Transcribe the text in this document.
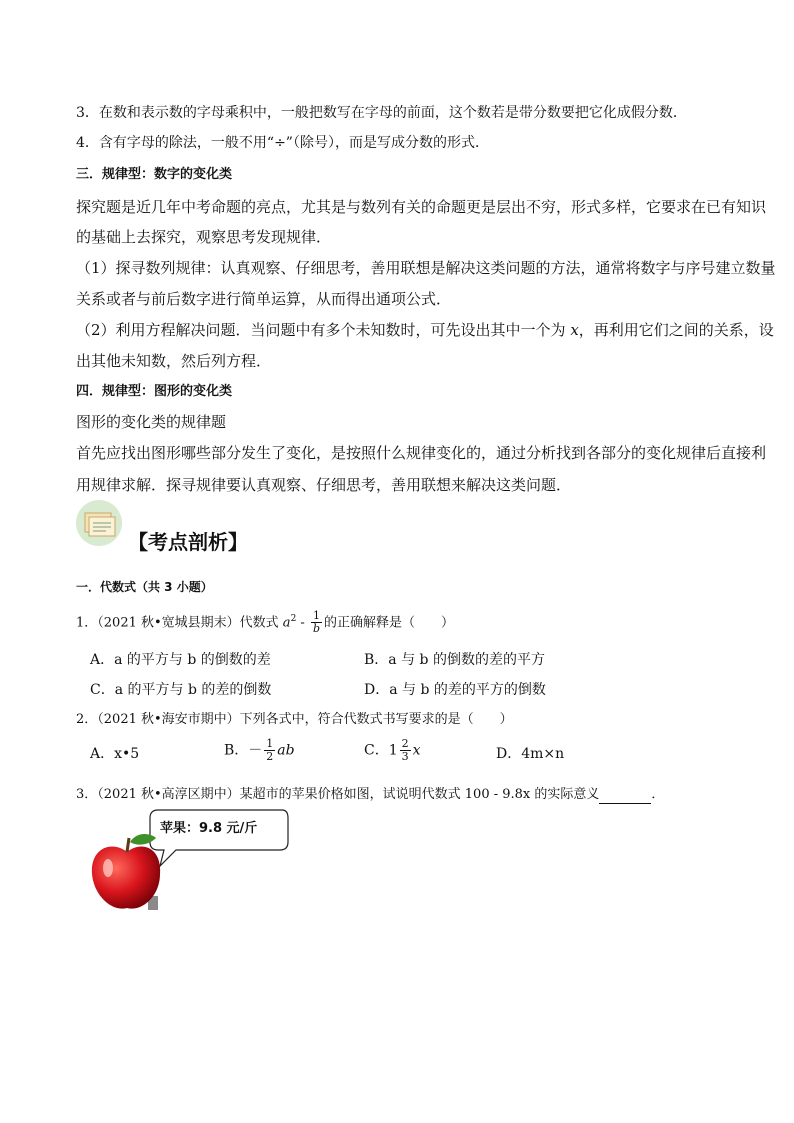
3．在数和表示数的字母乘积中，一般把数写在字母的前面，这个数若是带分数要把它化成假分数．
4．含有字母的除法，一般不用“÷”（除号），而是写成分数的形式．
三．规律型：数字的变化类
探究题是近几年中考命题的亮点，尤其是与数列有关的命题更是层出不穷，形式多样，它要求在已有知识
的基础上去探究，观察思考发现规律．
（1）探寻数列规律：认真观察、仔细思考，善用联想是解决这类问题的方法，通常将数字与序号建立数量
关系或者与前后数字进行简单运算，从而得出通项公式．
（2）利用方程解决问题．当问题中有多个未知数时，可先设出其中一个为 x，再利用它们之间的关系，设
出其他未知数，然后列方程．
四．规律型：图形的变化类
图形的变化类的规律题
首先应找出图形哪些部分发生了变化，是按照什么规律变化的，通过分析找到各部分的变化规律后直接利
用规律求解．探寻规律要认真观察、仔细思考，善用联想来解决这类问题．
【考点剖析】
一．代数式（共 3 小题）
1．（2021 秋•宽城县期末）代数式 $a^2 - \frac{1}{b}$ 的正确解释是（　　）
A．a 的平方与 b 的倒数的差	B．a 与 b 的倒数的差的平方
C．a 的平方与 b 的差的倒数	D．a 与 b 的差的平方的倒数
2．（2021 秋•海安市期中）下列各式中，符合代数式书写要求的是（　　）
A．x•5	B．－ $\frac{1}{2}$ ab	C．$1 \frac{2}{3}$ x	D．4m×n
3．（2021 秋•高淳区期中）某超市的苹果价格如图，试说明代数式 100 - 9.8x 的实际意义	．
苹果：9.8 元/斤
